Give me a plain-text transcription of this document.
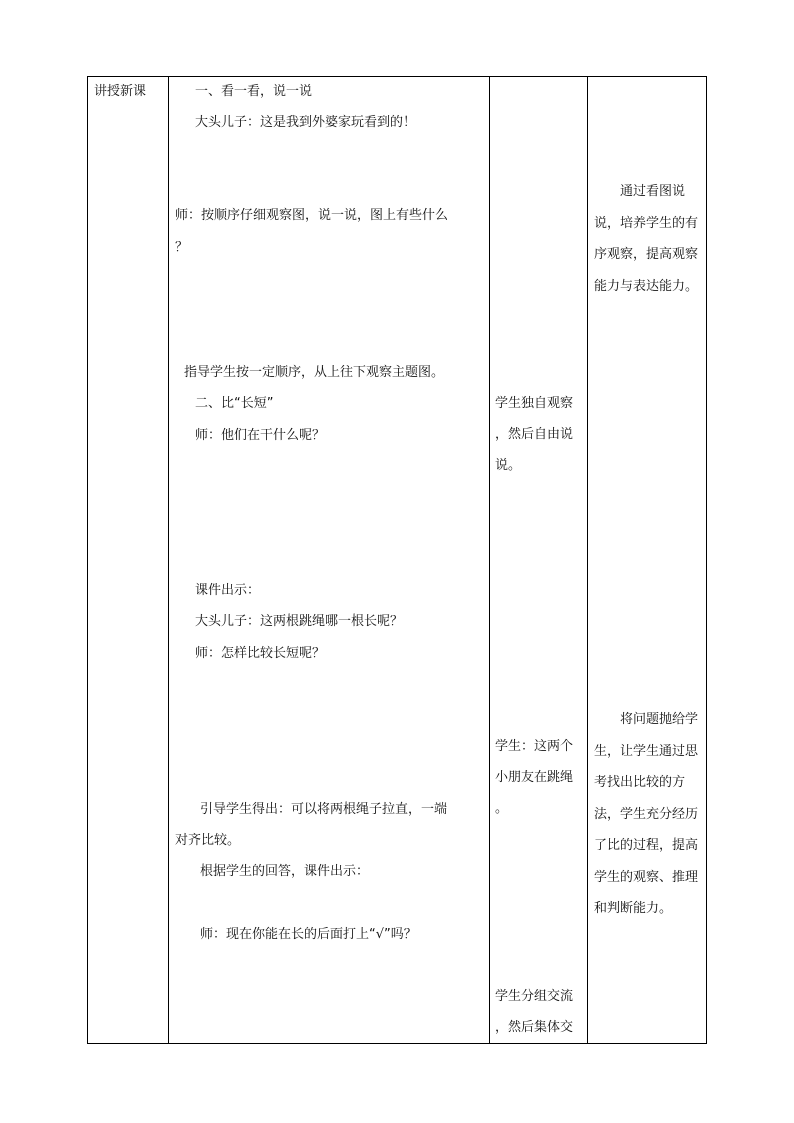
讲授新课	一、看一看，说一说
大头儿子：这是我到外婆家玩看到的！
师：按顺序仔细观察图，说一说，图上有些什么
？
指导学生按一定顺序，从上往下观察主题图。
二、比“长短”
师：他们在干什么呢？
课件出示：
大头儿子：这两根跳绳哪一根长呢？
师：怎样比较长短呢？
引导学生得出：可以将两根绳子拉直，一端
对齐比较。
根据学生的回答，课件出示：
师：现在你能在长的后面打上“√”吗？
学生独自观察
，然后自由说
说。
学生：这两个
小朋友在跳绳
。
学生分组交流
，然后集体交
通过看图说说，培养学生的有序观察，提高观察能力与表达能力。
将问题抛给学生，让学生通过思考找出比较的方法，学生充分经历了比的过程，提高学生的观察、推理和判断能力。
